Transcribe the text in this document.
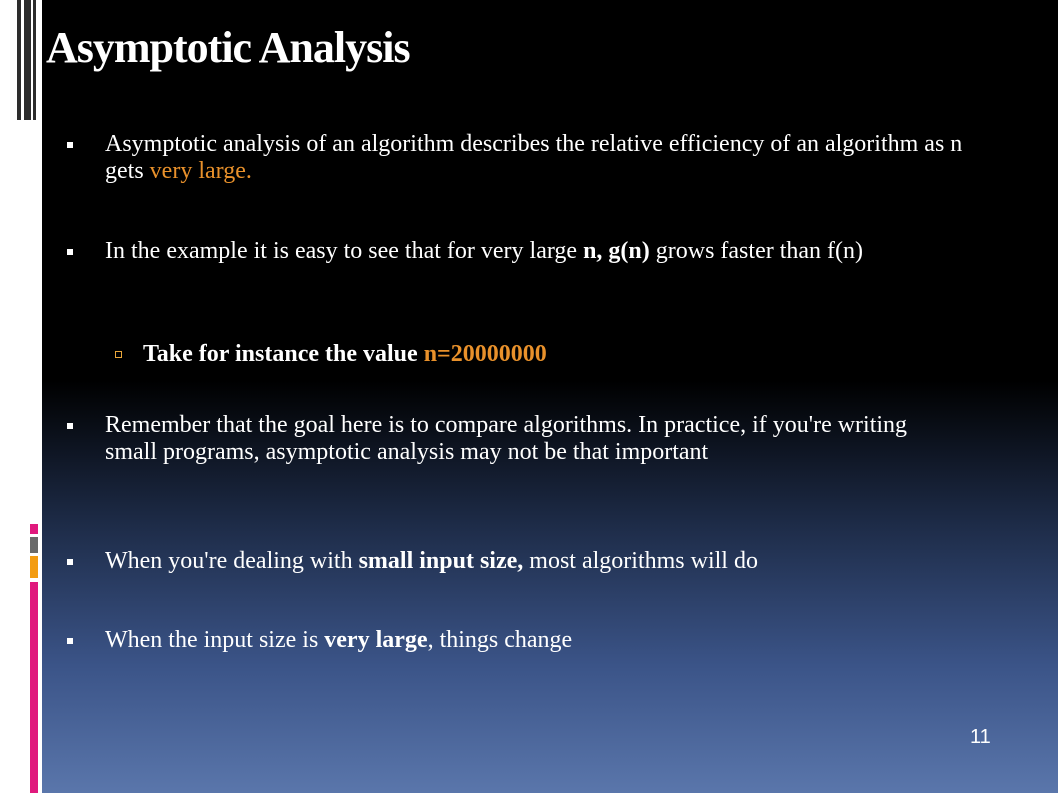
Asymptotic Analysis
Asymptotic analysis of an algorithm describes the relative efficiency of an algorithm as n gets very large.
In the example it is easy to see that for very large n, g(n) grows faster than f(n)
Take for instance the value n=20000000
Remember that the goal here is to compare algorithms. In practice, if you're writing small programs, asymptotic analysis may not be that important
When you're dealing with small input size, most algorithms will do
When the input size is very large, things change
11
